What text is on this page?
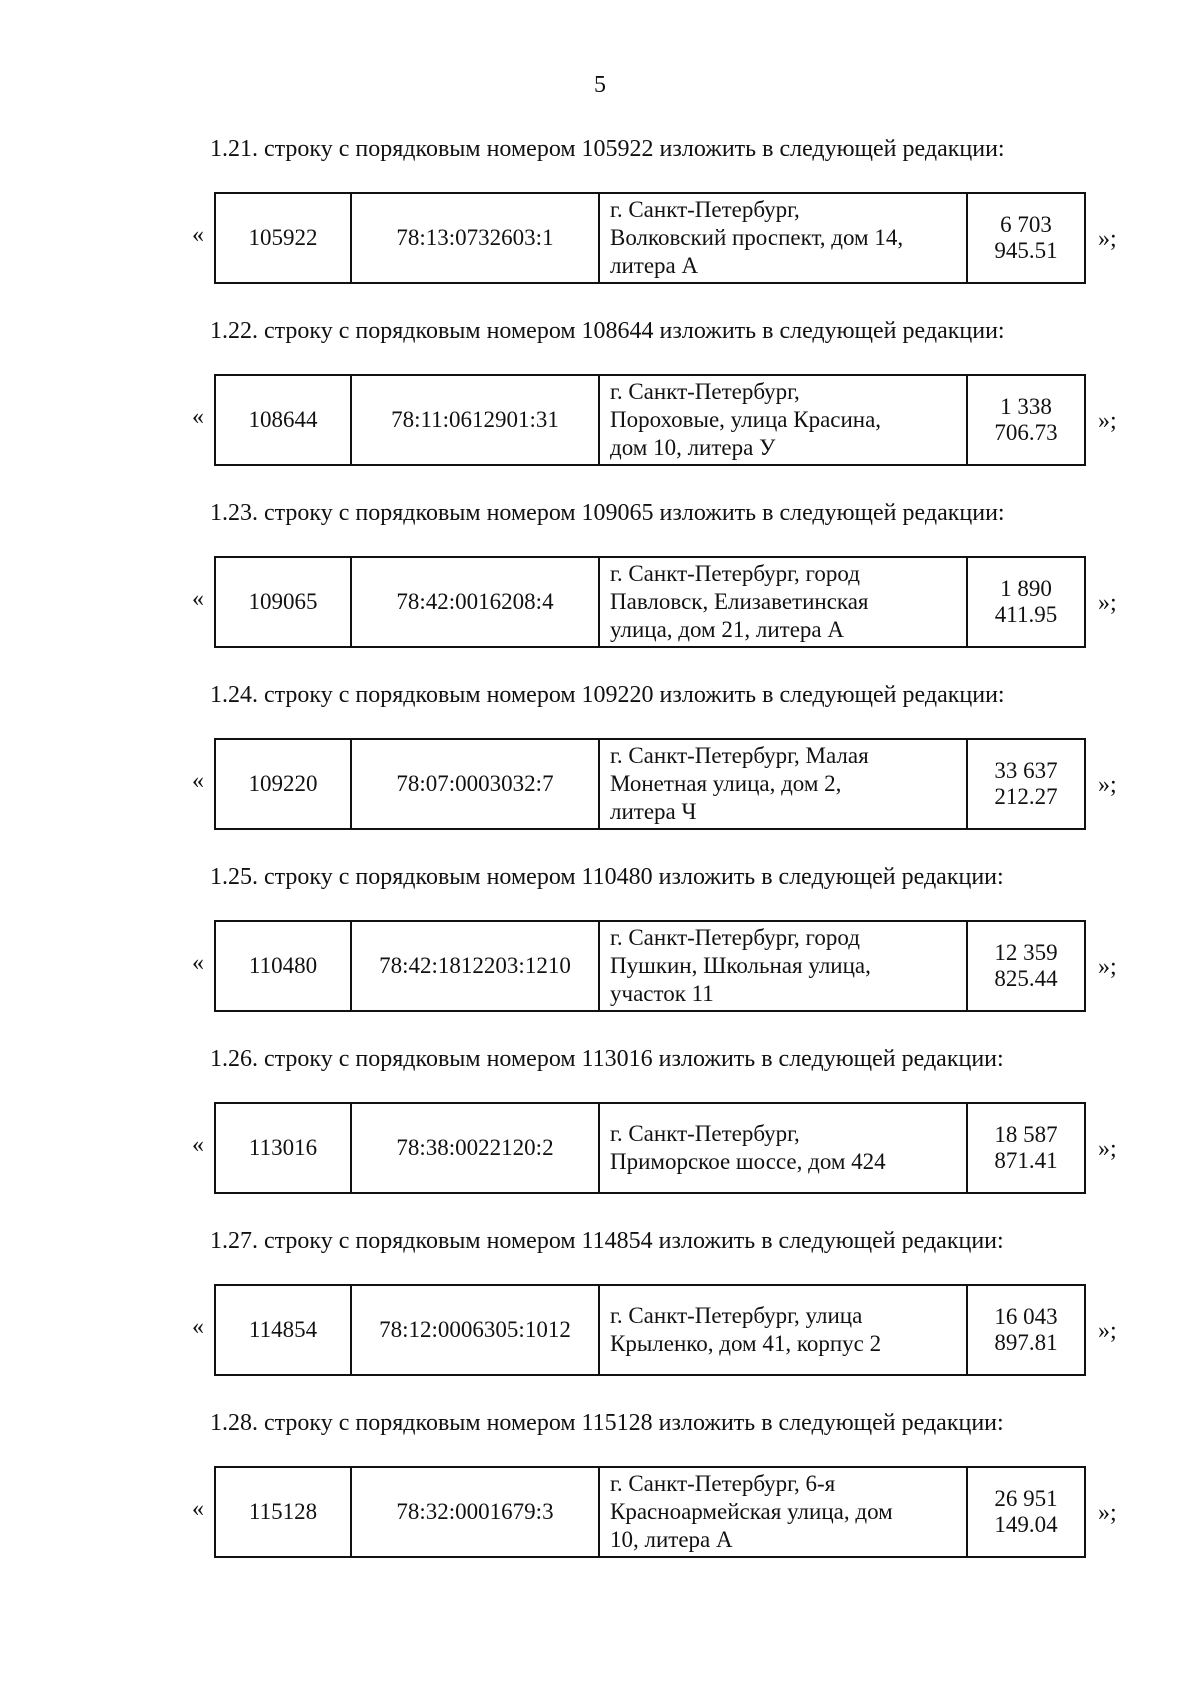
5
1.21. строку с порядковым номером 105922 изложить в следующей редакции:
« 105922	78:13:0732603:1	
г. Санкт-Петербург,
Волковский проспект, дом 14,
литера А
	6 703 945.51 »;
1.22. строку с порядковым номером 108644 изложить в следующей редакции:
« 108644	78:11:0612901:31	
г. Санкт-Петербург,
Пороховые, улица Красина,
дом 10, литера У
	1 338 706.73 »;
1.23. строку с порядковым номером 109065 изложить в следующей редакции:
« 109065	78:42:0016208:4	
г. Санкт-Петербург, город
Павловск, Елизаветинская
улица, дом 21, литера А
	1 890 411.95 »;
1.24. строку с порядковым номером 109220 изложить в следующей редакции:
« 109220	78:07:0003032:7	
г. Санкт-Петербург, Малая
Монетная улица, дом 2,
литера Ч
	33 637 212.27 »;
1.25. строку с порядковым номером 110480 изложить в следующей редакции:
« 110480	78:42:1812203:1210	
г. Санкт-Петербург, город
Пушкин, Школьная улица,
участок 11
	12 359 825.44 »;
1.26. строку с порядковым номером 113016 изложить в следующей редакции:
« 113016	78:38:0022120:2	
г. Санкт-Петербург,
Приморское шоссе, дом 424
	18 587 871.41 »;
1.27. строку с порядковым номером 114854 изложить в следующей редакции:
« 114854	78:12:0006305:1012	
г. Санкт-Петербург, улица
Крыленко, дом 41, корпус 2
	16 043 897.81 »;
1.28. строку с порядковым номером 115128 изложить в следующей редакции:
« 115128	78:32:0001679:3	
г. Санкт-Петербург, 6-я
Красноармейская улица, дом
10, литера А
	26 951 149.04 »;
